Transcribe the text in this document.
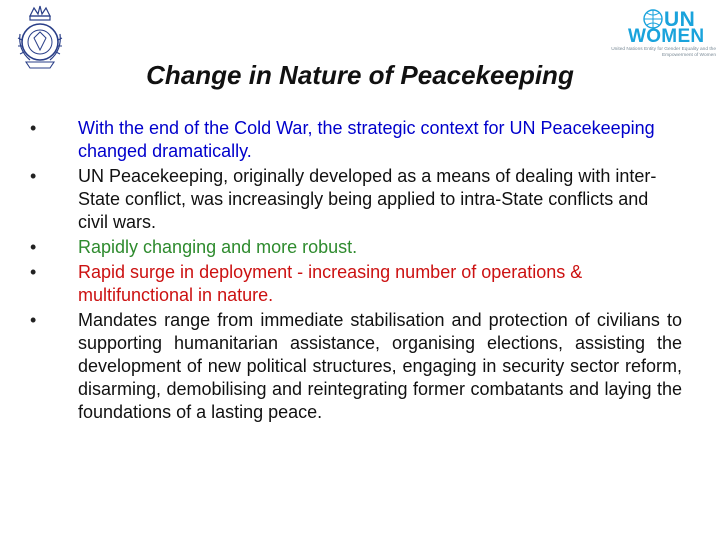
UN
WOMEN
United Nations Entity for Gender Equality and the Empowerment of Women
Change in Nature of Peacekeeping
• With the end of the Cold War, the strategic context for UN Peacekeeping changed dramatically.
• UN Peacekeeping, originally developed as a means of dealing with inter-State conflict, was increasingly being applied to intra-State conflicts and civil wars.
• Rapidly changing and more robust.
• Rapid surge in deployment - increasing number of operations & multifunctional in nature.
• Mandates range from immediate stabilisation and protection of civilians to supporting humanitarian assistance, organising elections, assisting the development of new political structures, engaging in security sector reform, disarming, demobilising and reintegrating former combatants and laying the foundations of a lasting peace.
